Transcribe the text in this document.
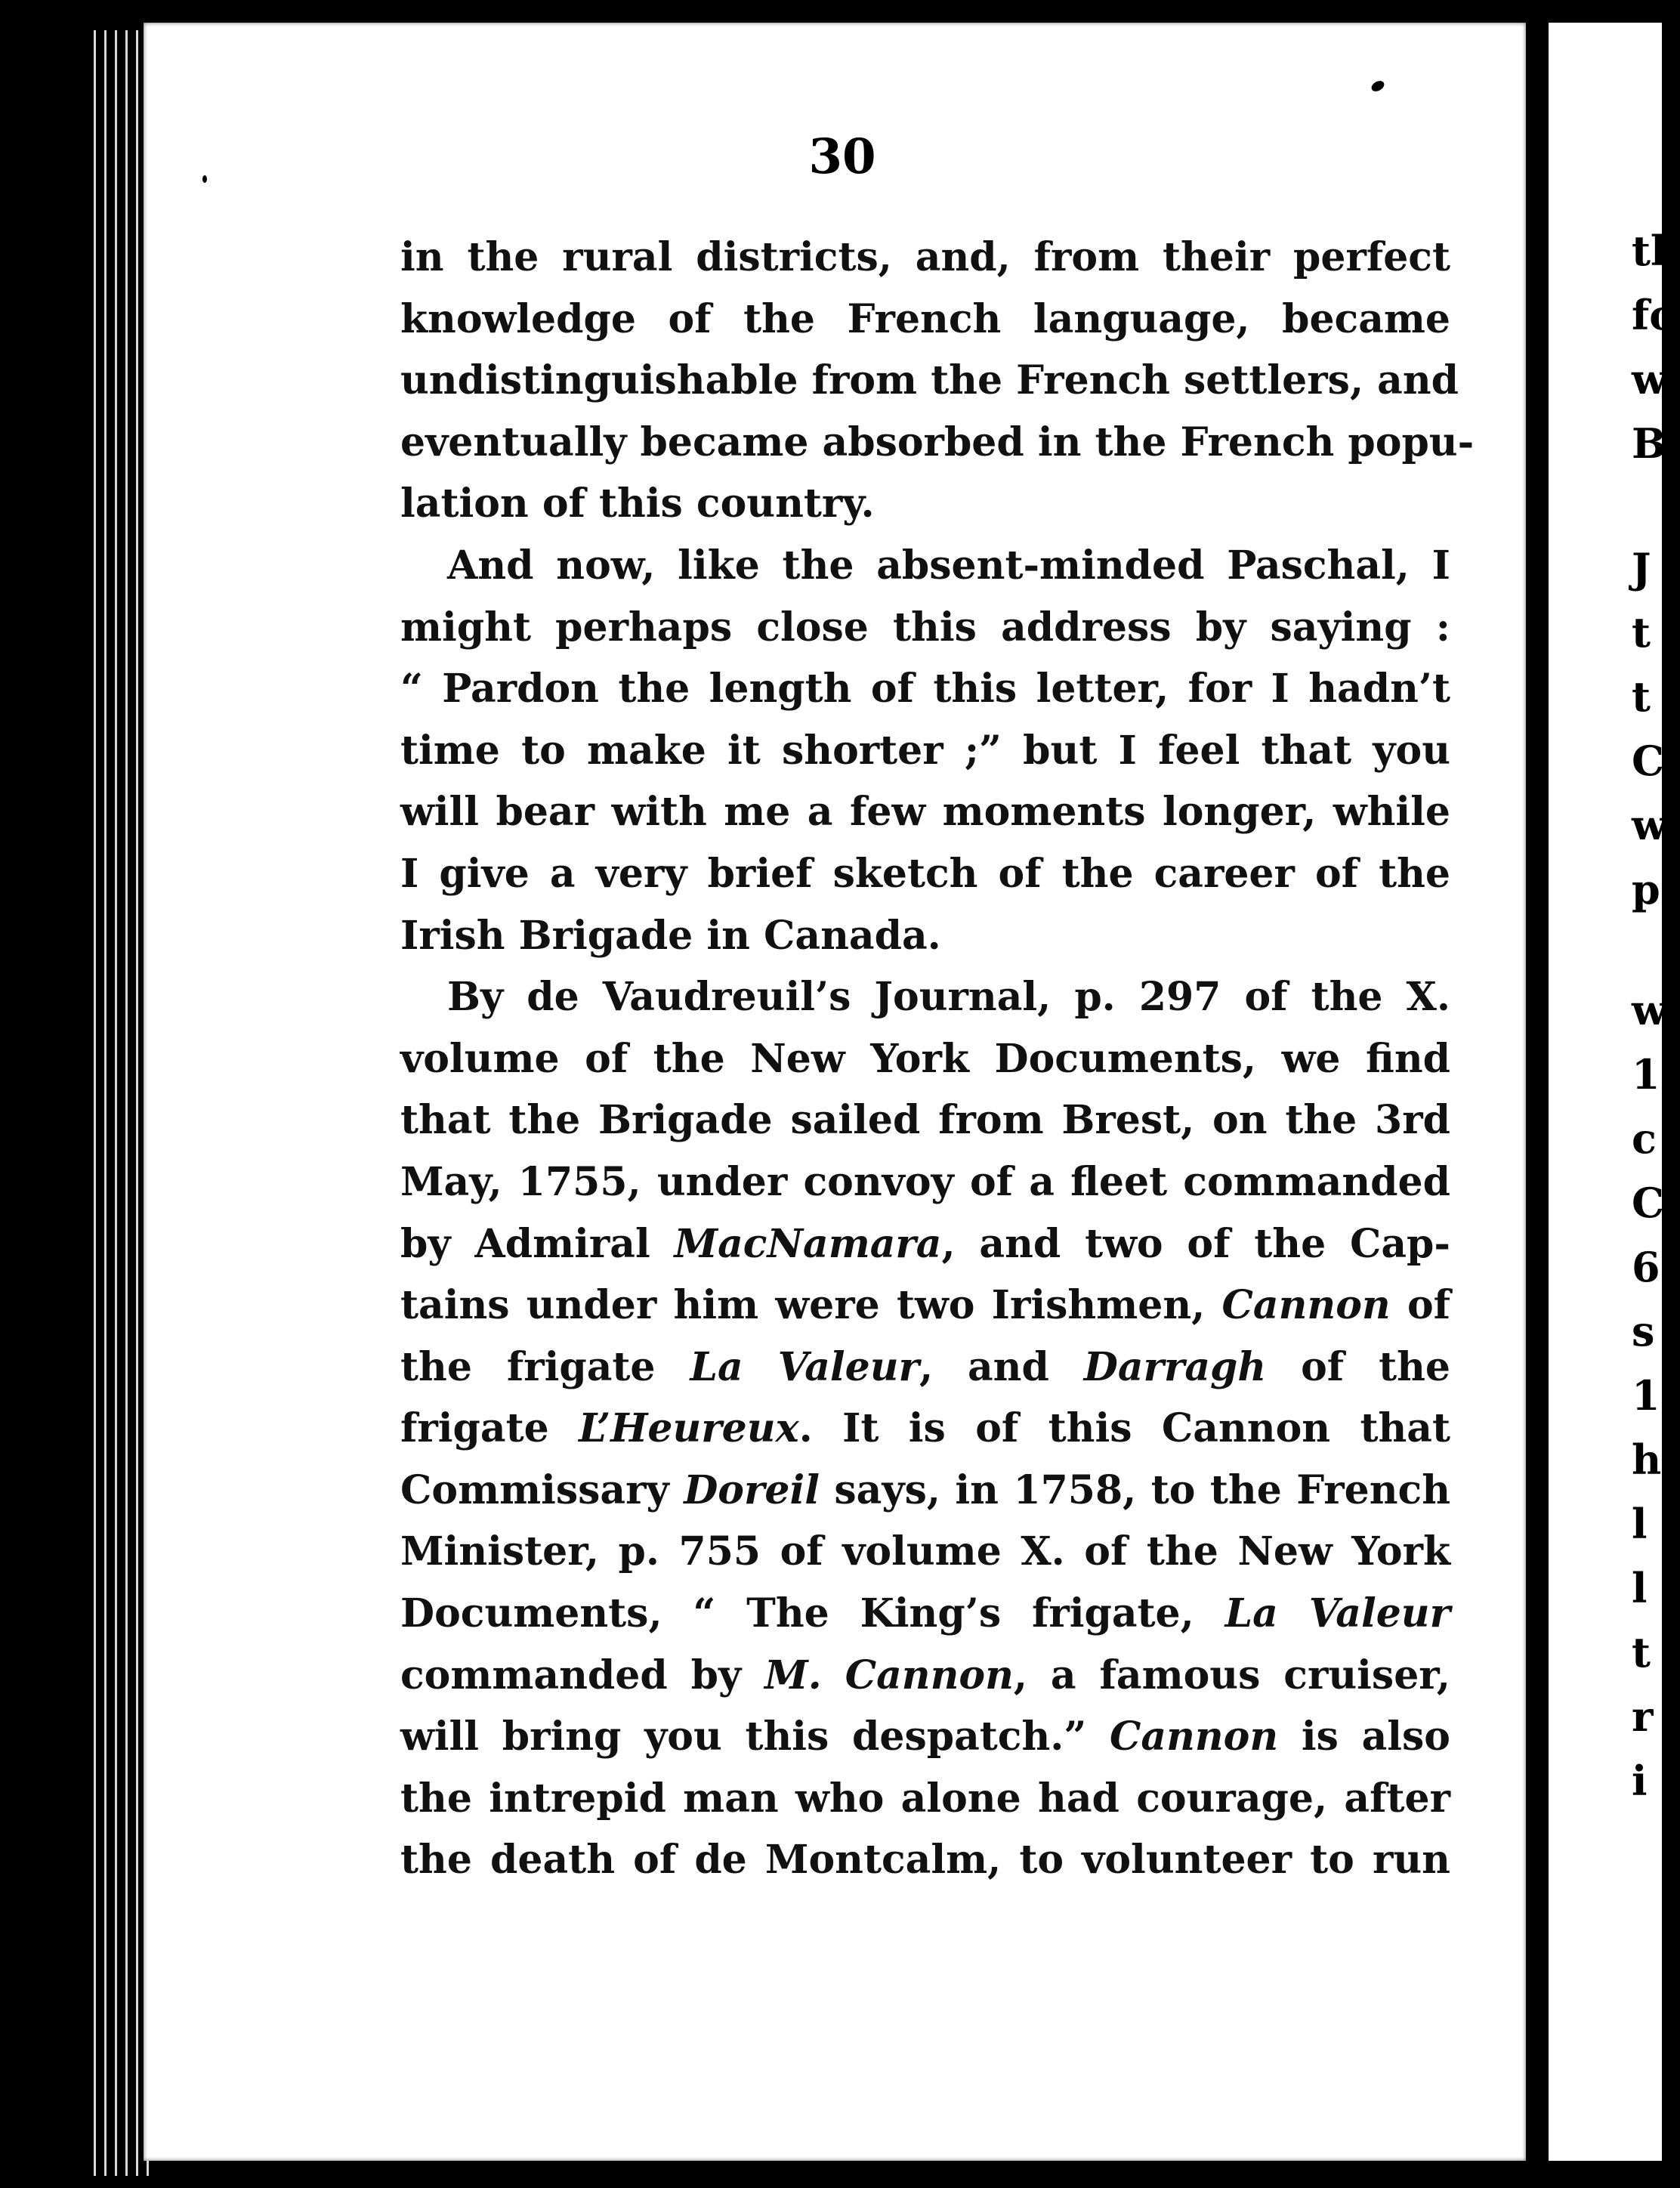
30
th
fo
w
B
J
t
t
C
w
p
w
1
c
C
6
s
1
h
l
l
t
r
i
in the rural districts, and, from their perfect
knowledge of the French language, became
undistinguishable from the French settlers, and
eventually became absorbed in the French popu-
lation of this country.
And now, like the absent-minded Paschal, I
might perhaps close this address by saying :
“ Pardon the length of this letter, for I hadn’t
time to make it shorter ;” but I feel that you
will bear with me a few moments longer, while
I give a very brief sketch of the career of the
Irish Brigade in Canada.
By de Vaudreuil’s Journal, p. 297 of the X.
volume of the New York Documents, we find
that the Brigade sailed from Brest, on the 3rd
May, 1755, under convoy of a fleet commanded
by Admiral MacNamara, and two of the Cap-
tains under him were two Irishmen, Cannon of
the frigate La Valeur, and Darragh of the
frigate L’Heureux. It is of this Cannon that
Commissary Doreil says, in 1758, to the French
Minister, p. 755 of volume X. of the New York
Documents, “ The King’s frigate, La Valeur
commanded by M. Cannon, a famous cruiser,
will bring you this despatch.” Cannon is also
the intrepid man who alone had courage, after
the death of de Montcalm, to volunteer to run
